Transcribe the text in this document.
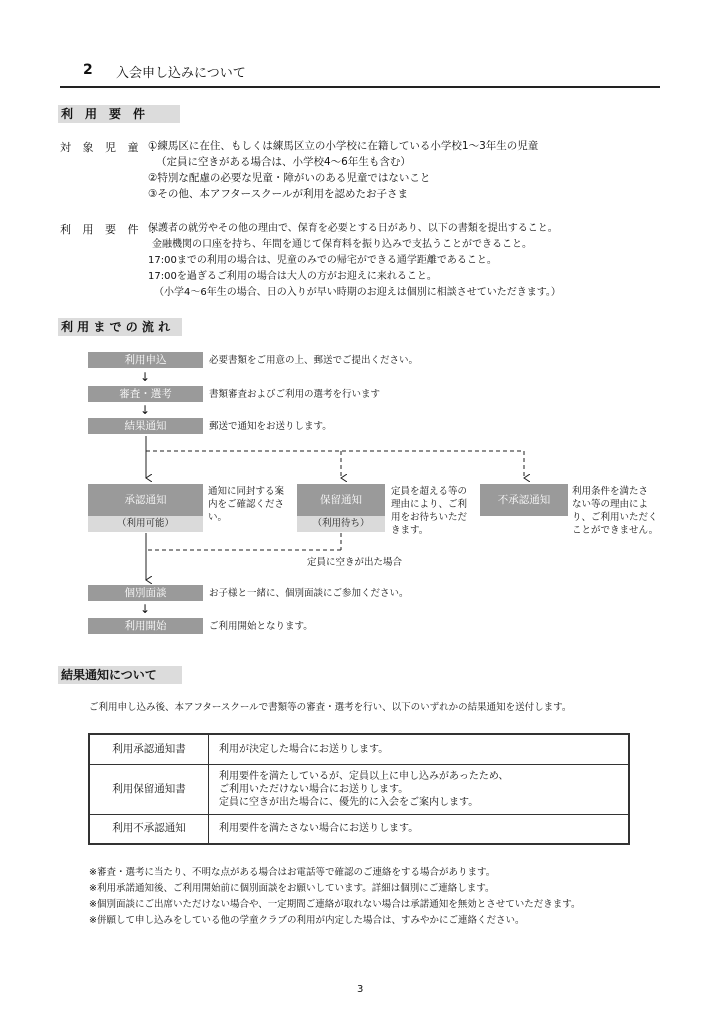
2 入会申し込みについて
利　用　要　件
対 象 児 童 ：
①練馬区に在住、もしくは練馬区立の小学校に在籍している小学校1～3年生の児童
（定員に空きがある場合は、小学校4～6年生も含む）
②特別な配慮の必要な児童・障がいのある児童ではないこと
③その他、本アフタースクールが利用を認めたお子さま
利 用 要 件 ：
保護者の就労やその他の理由で、保育を必要とする日があり、以下の書類を提出すること。
金融機関の口座を持ち、年間を通じて保育料を振り込みで支払うことができること。
17:00までの利用の場合は、児童のみでの帰宅ができる通学距離であること。
17:00を過ぎるご利用の場合は大人の方がお迎えに来れること。
（小学4～6年生の場合、日の入りが早い時期のお迎えは個別に相談させていただきます。）
利 用 ま で の 流 れ
利用申込	必要書類をご用意の上、郵送でご提出ください。
↓
審査・選考	書類審査およびご利用の選考を行います
↓
結果通知	郵送で通知をお送りします。
承認通知
（利用可能）
通知に同封する案
内をご確認くださ
い。
保留通知
（利用待ち）
定員を超える等の
理由により、ご利
用をお待ちいただ
きます。
不承認通知
利用条件を満たさ
ない等の理由によ
り、ご利用いただく
ことができません。
定員に空きが出た場合
個別面談	お子様と一緒に、個別面談にご参加ください。
↓
利用開始	ご利用開始となります。
結果通知について
ご利用申し込み後、本アフタースクールで書類等の審査・選考を行い、以下のいずれかの結果通知を送付します。
利用承認通知書	利用が決定した場合にお送りします。

利用保留通知書	利用要件を満たしているが、定員以上に申し込みがあったため、
ご利用いただけない場合にお送りします。
定員に空きが出た場合に、優先的に入会をご案内します。

利用不承認通知	利用要件を満たさない場合にお送りします。
※審査・選考に当たり、不明な点がある場合はお電話等で確認のご連絡をする場合があります。
※利用承諾通知後、ご利用開始前に個別面談をお願いしています。詳細は個別にご連絡します。
※個別面談にご出席いただけない場合や、一定期間ご連絡が取れない場合は承諾通知を無効とさせていただきます。
※併願して申し込みをしている他の学童クラブの利用が内定した場合は、すみやかにご連絡ください。
3
